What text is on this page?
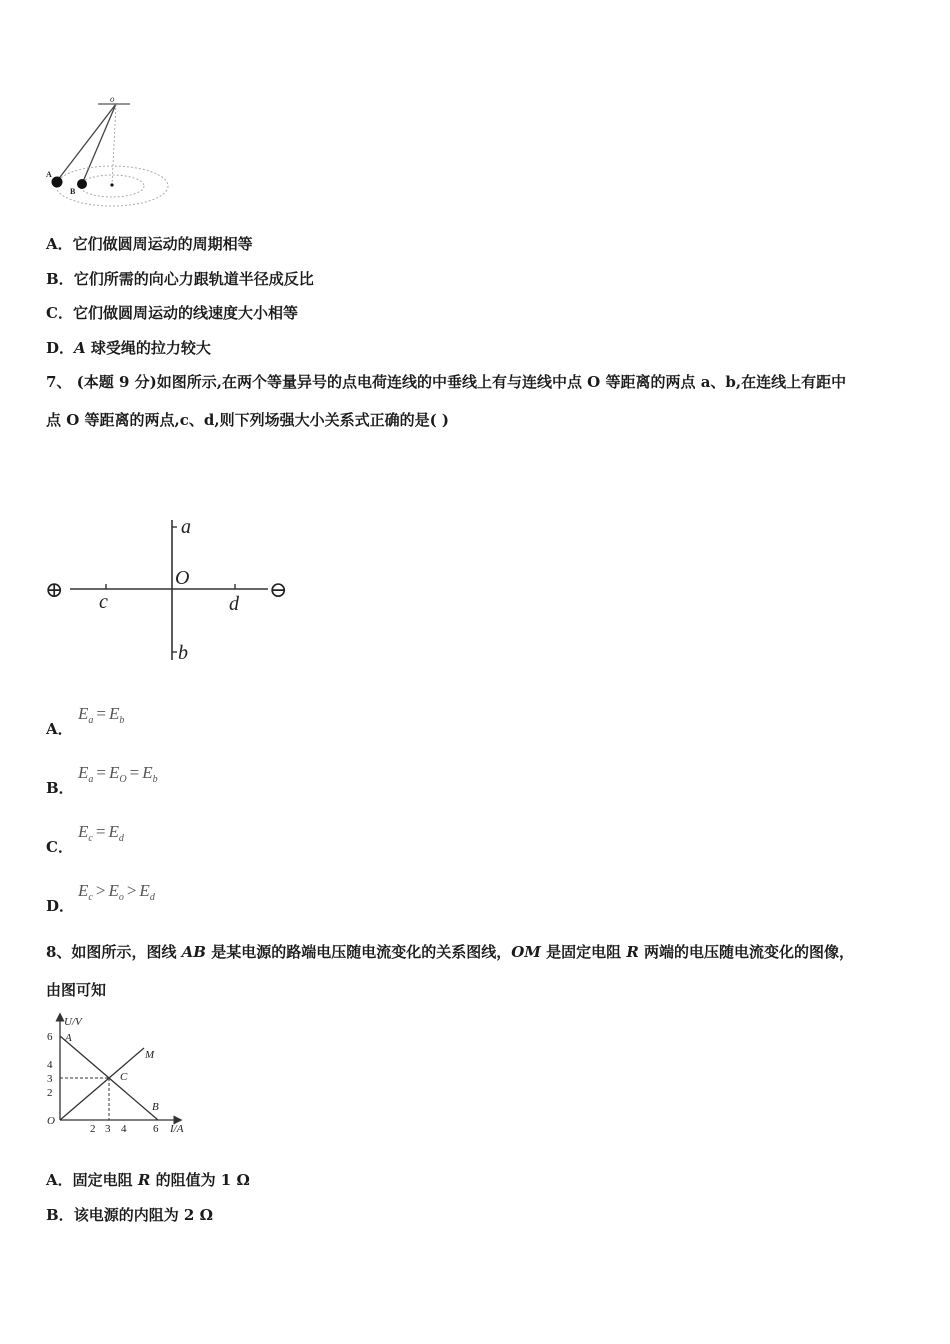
o
A
B
A．它们做圆周运动的周期相等
B．它们所需的向心力跟轨道半径成反比
C．它们做圆周运动的线速度大小相等
D．A 球受绳的拉力较大
7、 (本题 9 分)如图所示,在两个等量异号的点电荷连线的中垂线上有与连线中点 O 等距离的两点 a、b,在连线上有距中
点 O 等距离的两点,c、d,则下列场强大小关系式正确的是( )
⊕	⊖
a
b
c	d
O
A．
$E_a = E_b$
B．
$E_a = E_O = E_b$
C．
$E_c = E_d$
D．
$E_c > E_o > E_d$
8、如图所示，图线 AB 是某电源的路端电压随电流变化的关系图线，OM 是固定电阻 R 两端的电压随电流变化的图像，
由图可知
U/V
I/A
O
6
4
3
2
2 3 4 6
A
B
C
M
A．固定电阻 R 的阻值为 1 Ω
B．该电源的内阻为 2 Ω
